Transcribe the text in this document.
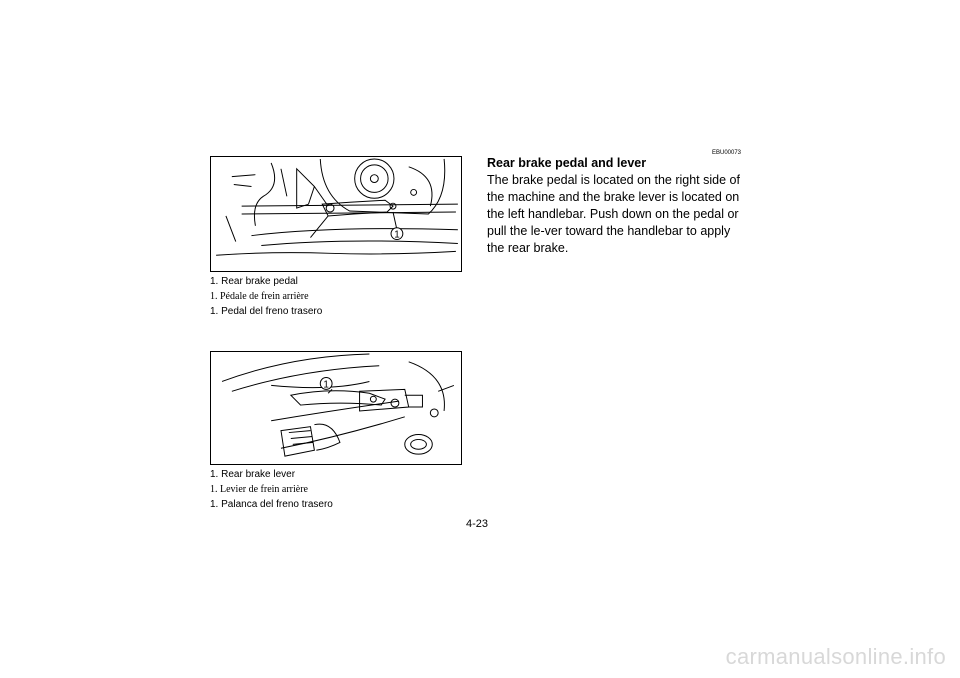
1
1. Rear brake pedal
1. Pédale de frein arrière
1. Pedal del freno trasero
1
1. Rear brake lever
1. Levier de frein arrière
1. Palanca del freno trasero
EBU00073
Rear brake pedal and lever

The brake pedal is located on the right side of the machine and the brake lever is located on the left handlebar. Push down on the pedal or pull the le-ver toward the handlebar to apply the rear brake.

4-23
carmanualsonline.info
